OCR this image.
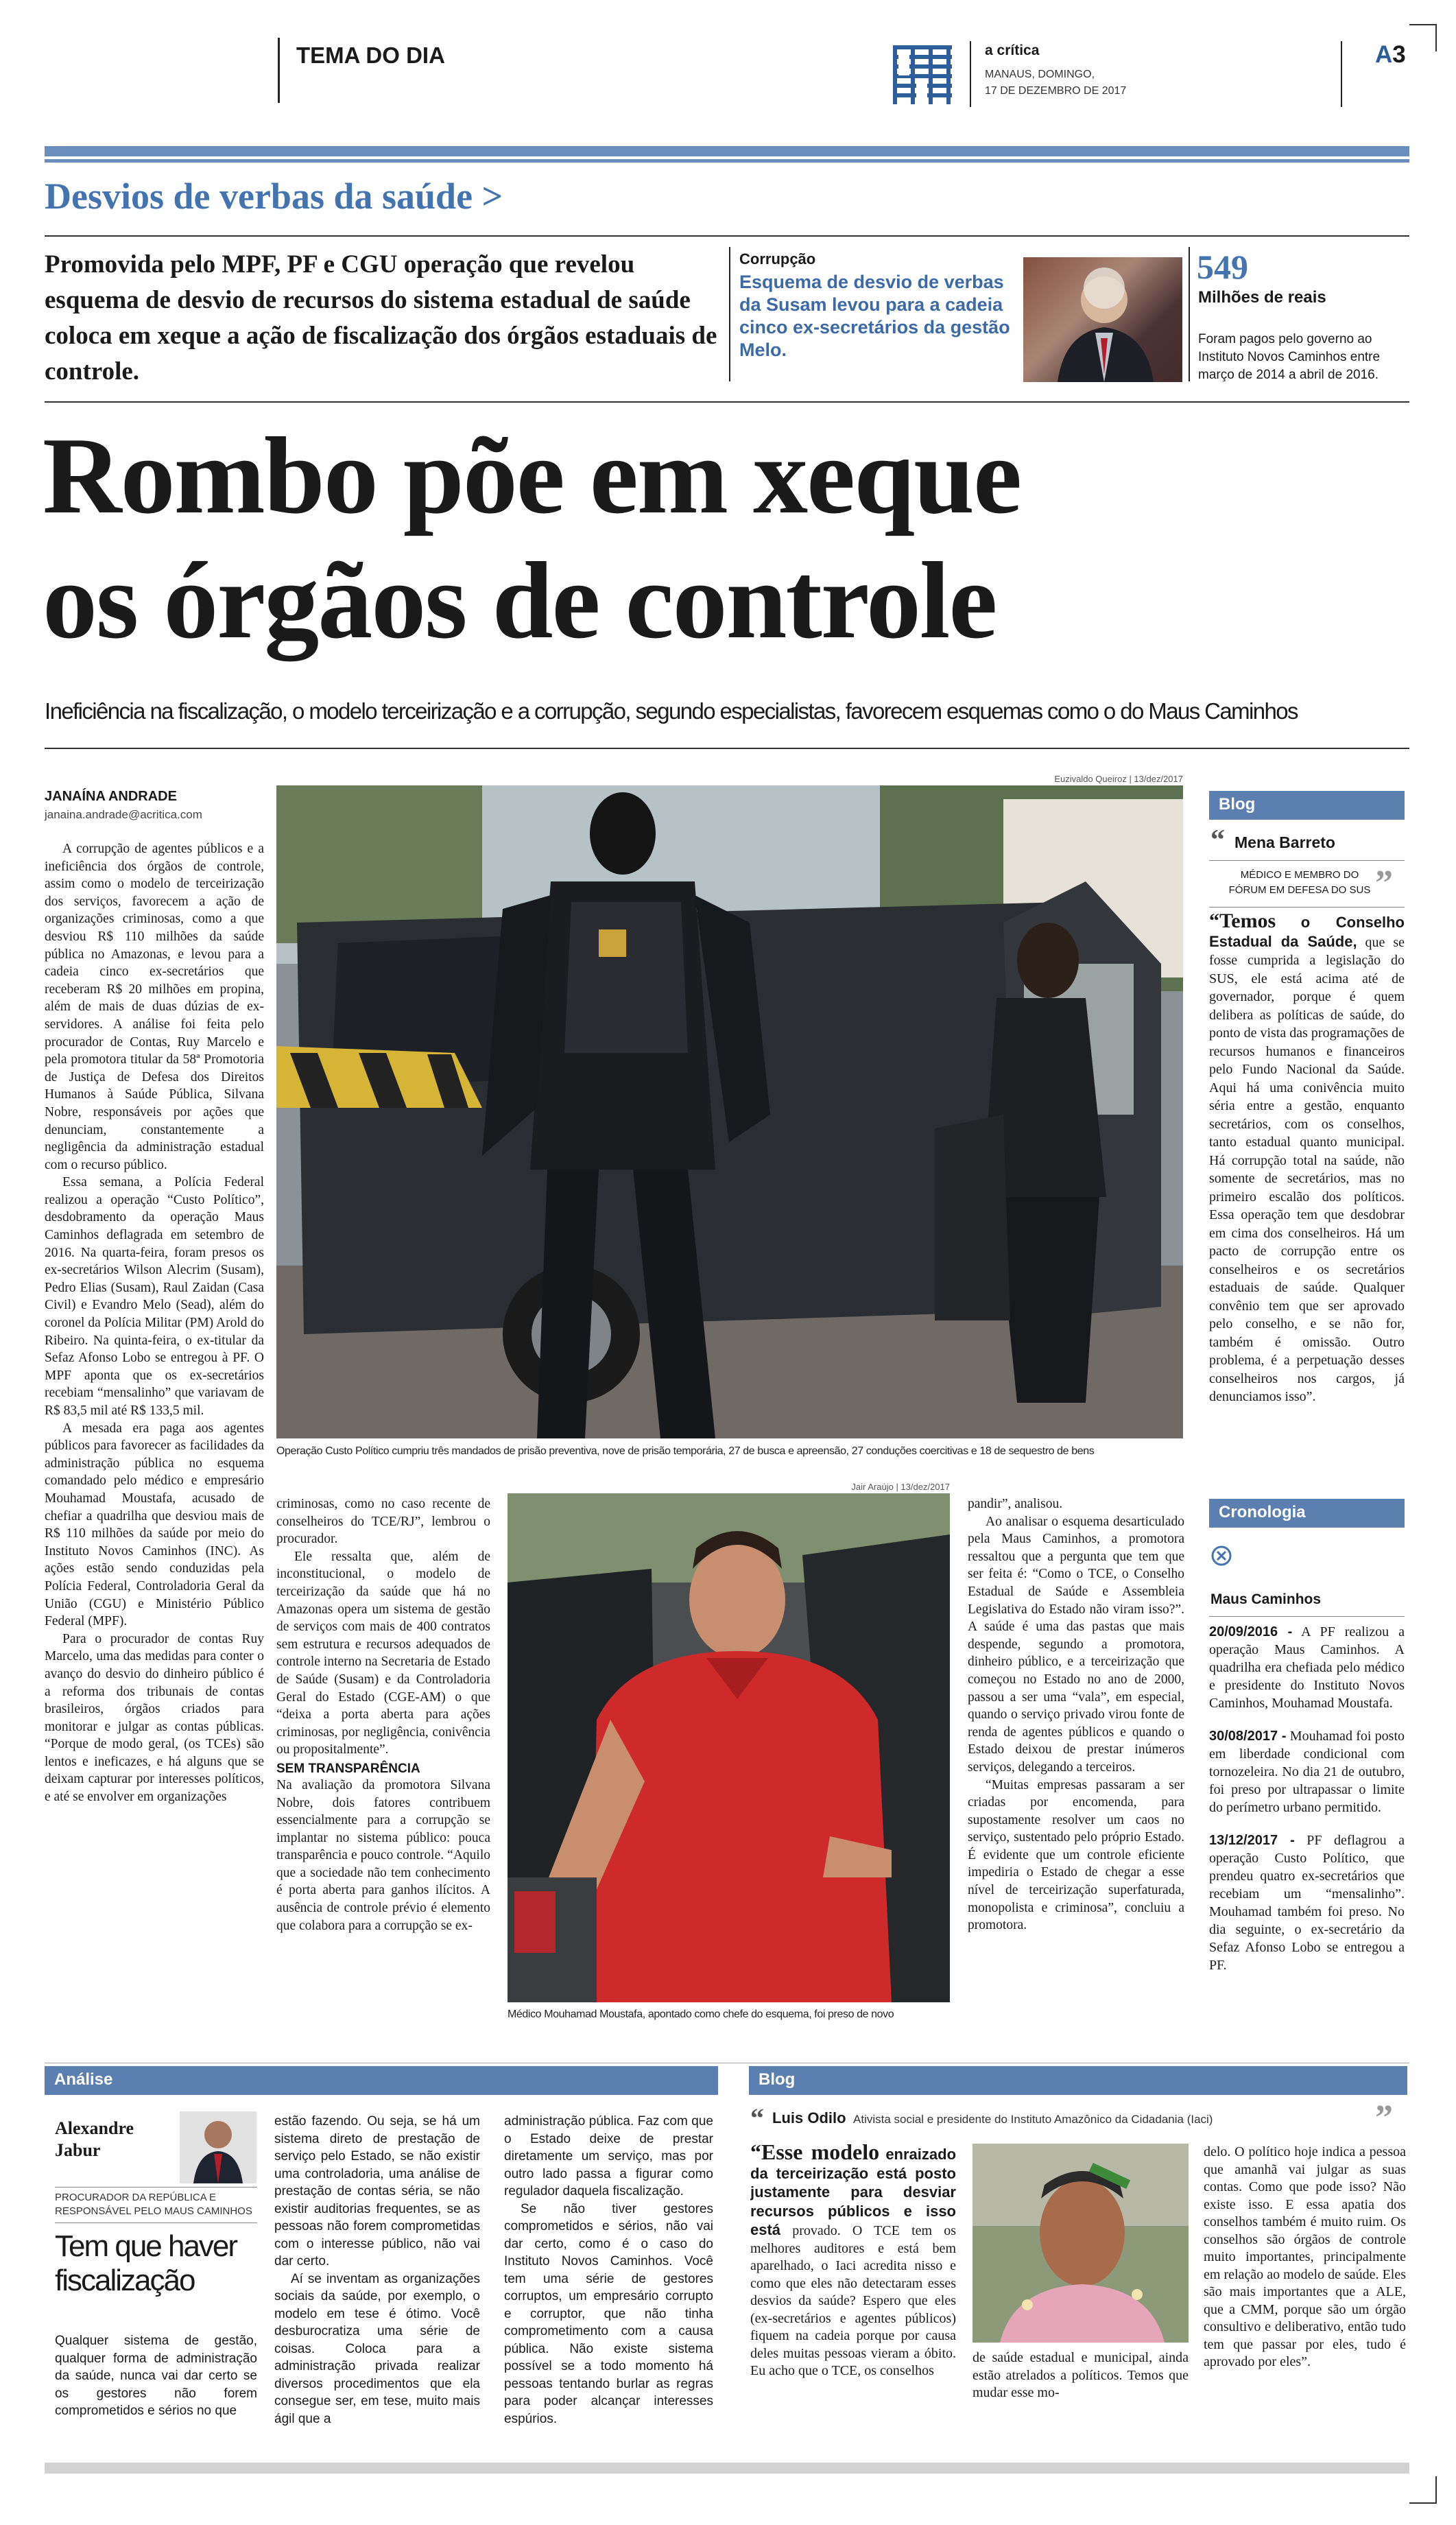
TEMA DO DIA	a crítica
MANAUS, DOMINGO,
17 DE DEZEMBRO DE 2017
A3
Desvios de verbas da saúde >
Promovida pelo MPF, PF e CGU operação que revelou esquema de desvio de recursos do sistema estadual de saúde coloca em xeque a ação de fiscalização dos órgãos estaduais de controle.
Corrupção
Esquema de desvio de verbas da Susam levou para a cadeia cinco ex-secretários da gestão Melo.
549
Milhões de reais
Foram pagos pelo governo ao Instituto Novos Caminhos entre março de 2014 a abril de 2016.
Rombo põe em xeque
os órgãos de controle
Ineficiência na fiscalização, o modelo terceirização e a corrupção, segundo especialistas, favorecem esquemas como o do Maus Caminhos
JANAÍNA ANDRADE
janaina.andrade@acritica.com

A corrupção de agentes públicos e a ineficiência dos órgãos de controle, assim como o modelo de terceirização dos serviços, favorecem a ação de organizações criminosas, como a que desviou R$ 110 milhões da saúde pública no Amazonas, e levou para a cadeia cinco ex-secretários que receberam R$ 20 milhões em propina, além de mais de duas dúzias de ex-servidores. A análise foi feita pelo procurador de Contas, Ruy Marcelo e pela promotora titular da 58ª Promotoria de Justiça de Defesa dos Direitos Humanos à Saúde Pública, Silvana Nobre, responsáveis por ações que denunciam, constantemente a negligência da administração estadual com o recurso público.

Essa semana, a Polícia Federal realizou a operação “Custo Político”, desdobramento da operação Maus Caminhos deflagrada em setembro de 2016. Na quarta-feira, foram presos os ex-secretários Wilson Alecrim (Susam), Pedro Elias (Susam), Raul Zaidan (Casa Civil) e Evandro Melo (Sead), além do coronel da Polícia Militar (PM) Arold do Ribeiro. Na quinta-feira, o ex-titular da Sefaz Afonso Lobo se entregou à PF. O MPF aponta que os ex-secretários recebiam “mensalinho” que variavam de R$ 83,5 mil até R$ 133,5 mil.

A mesada era paga aos agentes públicos para favorecer as facilidades da administração pública no esquema comandado pelo médico e empresário Mouhamad Moustafa, acusado de chefiar a quadrilha que desviou mais de R$ 110 milhões da saúde por meio do Instituto Novos Caminhos (INC). As ações estão sendo conduzidas pela Polícia Federal, Controladoria Geral da União (CGU) e Ministério Público Federal (MPF).

Para o procurador de contas Ruy Marcelo, uma das medidas para conter o avanço do desvio do dinheiro público é a reforma dos tribunais de contas brasileiros, órgãos criados para monitorar e julgar as contas públicas. “Porque de modo geral, (os TCEs) são lentos e ineficazes, e há alguns que se deixam capturar por interesses políticos, e até se envolver em organizações

Euzivaldo Queiroz | 13/dez/2017
Operação Custo Político cumpriu três mandados de prisão preventiva, nove de prisão temporária, 27 de busca e apreensão, 27 conduções coercitivas e 18 de sequestro de bens
Blog
“ Mena Barreto
MÉDICO E MEMBRO DO FÓRUM EM DEFESA DO SUS ”
“Temos o Conselho Estadual da Saúde, que se fosse cumprida a legislação do SUS, ele está acima até de governador, porque é quem delibera as políticas de saúde, do ponto de vista das programações de recursos humanos e financeiros pelo Fundo Nacional da Saúde. Aqui há uma conivência muito séria entre a gestão, enquanto secretários, com os conselhos, tanto estadual quanto municipal. Há corrupção total na saúde, não somente de secretários, mas no primeiro escalão dos políticos. Essa operação tem que desdobrar em cima dos conselheiros. Há um pacto de corrupção entre os conselheiros e os secretários estaduais de saúde. Qualquer convênio tem que ser aprovado pelo conselho, e se não for, também é omissão. Outro problema, é a perpetuação desses conselheiros nos cargos, já denunciamos isso”.
Jair Araújo | 13/dez/2017
Médico Mouhamad Moustafa, apontado como chefe do esquema, foi preso de novo

criminosas, como no caso recente de conselheiros do TCE/RJ”, lembrou o procurador.

Ele ressalta que, além de inconstitucional, o modelo de terceirização da saúde que há no Amazonas opera um sistema de gestão de serviços com mais de 400 contratos sem estrutura e recursos adequados de controle interno na Secretaria de Estado de Saúde (Susam) e da Controladoria Geral do Estado (CGE-AM) o que “deixa a porta aberta para ações criminosas, por negligência, conivência ou propositalmente”.

SEM TRANSPARÊNCIA

Na avaliação da promotora Silvana Nobre, dois fatores contribuem essencialmente para a corrupção se implantar no sistema público: pouca transparência e pouco controle. “Aquilo que a sociedade não tem conhecimento é porta aberta para ganhos ilícitos. A ausência de controle prévio é elemento que colabora para a corrupção se ex-

pandir”, analisou.

Ao analisar o esquema desarticulado pela Maus Caminhos, a promotora ressaltou que a pergunta que tem que ser feita é: “Como o TCE, o Conselho Estadual de Saúde e Assembleia Legislativa do Estado não viram isso?”. A saúde é uma das pastas que mais despende, segundo a promotora, dinheiro público, e a terceirização que começou no Estado no ano de 2000, passou a ser uma “vala”, em especial, quando o serviço privado virou fonte de renda de agentes públicos e quando o Estado deixou de prestar inúmeros serviços, delegando a terceiros.

“Muitas empresas passaram a ser criadas por encomenda, para supostamente resolver um caos no serviço, sustentado pelo próprio Estado. É evidente que um controle eficiente impediria o Estado de chegar a esse nível de terceirização superfaturada, monopolista e criminosa”, concluiu a promotora.

Cronologia
Maus Caminhos

20/09/2016 - A PF realizou a operação Maus Caminhos. A quadrilha era chefiada pelo médico e presidente do Instituto Novos Caminhos, Mouhamad Moustafa.

30/08/2017 - Mouhamad foi posto em liberdade condicional com tornozeleira. No dia 21 de outubro, foi preso por ultrapassar o limite do perímetro urbano permitido.

13/12/2017 - PF deflagrou a operação Custo Político, que prendeu quatro ex-secretários que recebiam um “mensalinho”. Mouhamad também foi preso. No dia seguinte, o ex-secretário da Sefaz Afonso Lobo se entregou a PF.

Análise
Alexandre Jabur
PROCURADOR DA REPÚBLICA E RESPONSÁVEL PELO MAUS CAMINHOS
Tem que haver fiscalização
Qualquer sistema de gestão, qualquer forma de administração da saúde, nunca vai dar certo se os gestores não forem comprometidos e sérios no que

estão fazendo. Ou seja, se há um sistema direto de prestação de serviço pelo Estado, se não existir uma controladoria, uma análise de prestação de contas séria, se não existir auditorias frequentes, se as pessoas não forem comprometidas com o interesse público, não vai dar certo.

Aí se inventam as organizações sociais da saúde, por exemplo, o modelo em tese é ótimo. Você desburocratiza uma série de coisas. Coloca para a administração privada realizar diversos procedimentos que ela consegue ser, em tese, muito mais ágil que a

administração pública. Faz com que o Estado deixe de prestar diretamente um serviço, mas por outro lado passa a figurar como regulador daquela fiscalização.

Se não tiver gestores comprometidos e sérios, não vai dar certo, como é o caso do Instituto Novos Caminhos. Você tem uma série de gestores corruptos, um empresário corrupto e corruptor, que não tinha comprometimento com a causa pública. Não existe sistema possível se a todo momento há pessoas tentando burlar as regras para poder alcançar interesses espúrios.

Blog
“ Luis Odilo Ativista social e presidente do Instituto Amazônico da Cidadania (Iaci)	”
“Esse modelo enraizado da terceirização está posto justamente para desviar recursos públicos e isso está provado. O TCE tem os melhores auditores e está bem aparelhado, o Iaci acredita nisso e como que eles não detectaram esses desvios da saúde? Espero que eles (ex-secretários e agentes públicos) fiquem na cadeia porque por causa deles muitas pessoas vieram a óbito. Eu acho que o TCE, os conselhos
de saúde estadual e municipal, ainda estão atrelados a políticos. Temos que mudar esse mo-
delo. O político hoje indica a pessoa que amanhã vai julgar as suas contas. Como que pode isso? Não existe isso. E essa apatia dos conselhos também é muito ruim. Os conselhos são órgãos de controle muito importantes, principalmente em relação ao modelo de saúde. Eles são mais importantes que a ALE, que a CMM, porque são um órgão consultivo e deliberativo, então tudo tem que passar por eles, tudo é aprovado por eles”.
